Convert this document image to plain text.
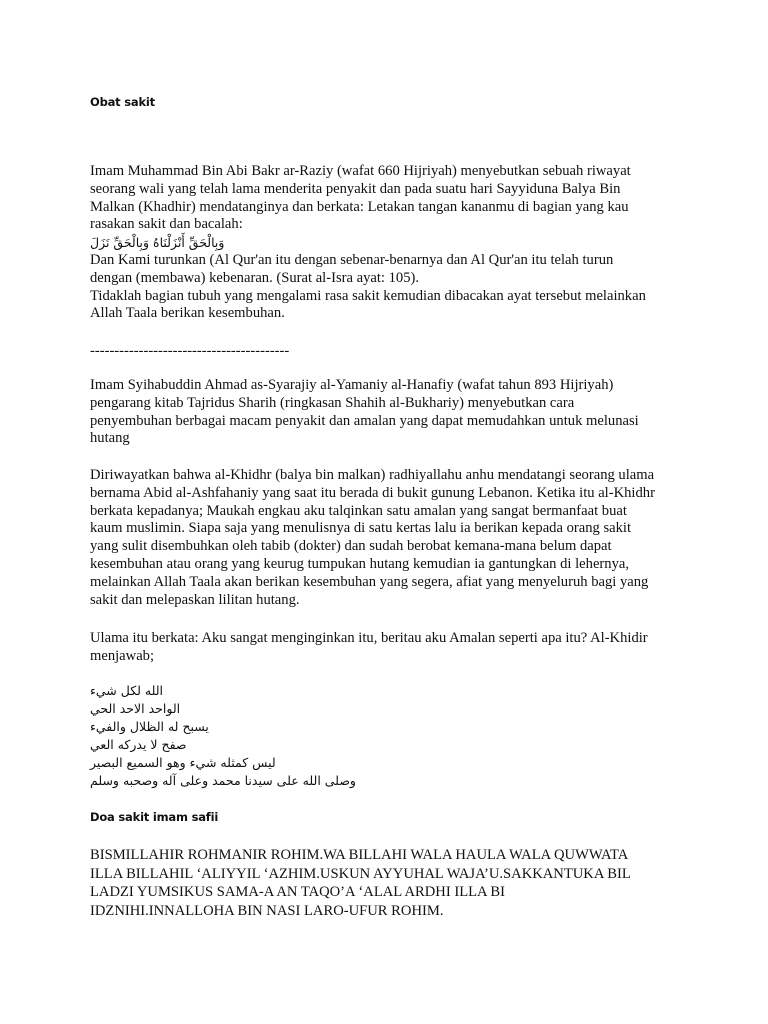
Obat sakit
Imam Muhammad Bin Abi Bakr ar-Raziy (wafat 660 Hijriyah) menyebutkan sebuah riwayat
seorang wali yang telah lama menderita penyakit dan pada suatu hari Sayyiduna Balya Bin
Malkan (Khadhir) mendatanginya dan berkata: Letakan tangan kananmu di bagian yang kau
rasakan sakit dan bacalah:
وَبِالْحَقِّ أَنْزَلْنَاهُ وَبِالْحَقِّ نَزَلَ
Dan Kami turunkan (Al Qur'an itu dengan sebenar-benarnya dan Al Qur'an itu telah turun
dengan (membawa) kebenaran. (Surat al-Isra ayat: 105).
Tidaklah bagian tubuh yang mengalami rasa sakit kemudian dibacakan ayat tersebut melainkan
Allah Taala berikan kesembuhan.
-----------------------------------------
Imam Syihabuddin Ahmad as-Syarajiy al-Yamaniy al-Hanafiy (wafat tahun 893 Hijriyah)
pengarang kitab Tajridus Sharih (ringkasan Shahih al-Bukhariy) menyebutkan cara
penyembuhan berbagai macam penyakit dan amalan yang dapat memudahkan untuk melunasi
hutang
Diriwayatkan bahwa al-Khidhr (balya bin malkan) radhiyallahu anhu mendatangi seorang ulama
bernama Abid al-Ashfahaniy yang saat itu berada di bukit gunung Lebanon. Ketika itu al-Khidhr
berkata kepadanya; Maukah engkau aku talqinkan satu amalan yang sangat bermanfaat buat
kaum muslimin. Siapa saja yang menulisnya di satu kertas lalu ia berikan kepada orang sakit
yang sulit disembuhkan oleh tabib (dokter) dan sudah berobat kemana-mana belum dapat
kesembuhan atau orang yang keurug tumpukan hutang kemudian ia gantungkan di lehernya,
melainkan Allah Taala akan berikan kesembuhan yang segera, afiat yang menyeluruh bagi yang
sakit dan melepaskan lilitan hutang.
Ulama itu berkata: Aku sangat menginginkan itu, beritau aku Amalan seperti apa itu? Al-Khidir
menjawab;
الله لكل شيء
الواحد الاحد الحي
يسبح له الظلال والفيء
صفح لا يدركه العي
ليس كمثله شيء وهو السميع البصير
وصلى الله على سيدنا محمد وعلى آله وصحبه وسلم
Doa sakit imam safii
BISMILLAHIR ROHMANIR ROHIM.WA BILLAHI WALA HAULA WALA QUWWATA
ILLA BILLAHIL ‘ALIYYIL ‘AZHIM.USKUN AYYUHAL WAJA’U.SAKKANTUKA BIL
LADZI YUMSIKUS SAMA-A AN TAQO’A ‘ALAL ARDHI ILLA BI
IDZNIHI.INNALLOHA BIN NASI LARO-UFUR ROHIM.
